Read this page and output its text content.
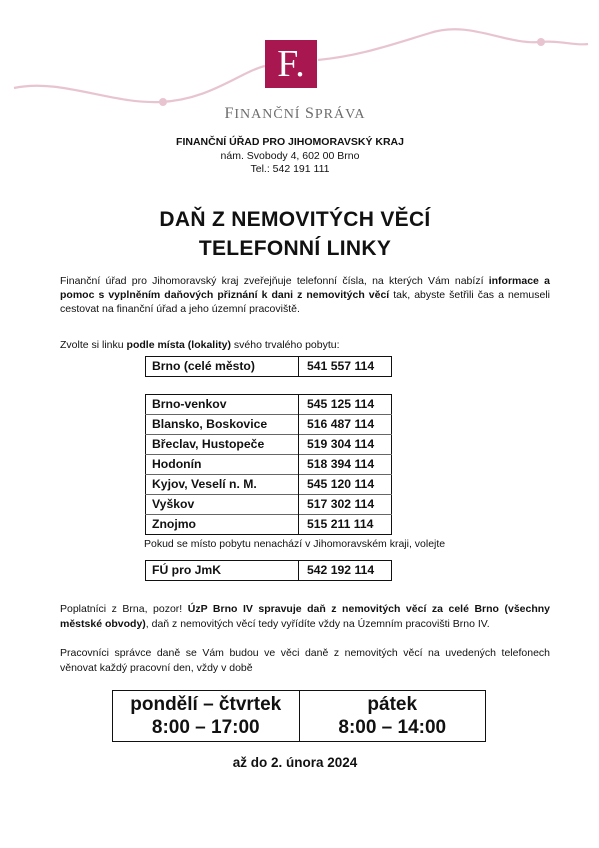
F.
FINANČNÍ SPRÁVA
FINANČNÍ ÚŘAD PRO JIHOMORAVSKÝ KRAJ
nám. Svobody 4, 602 00 Brno
Tel.: 542 191 111
DAŇ Z NEMOVITÝCH VĚCÍ
TELEFONNÍ LINKY
Finanční úřad pro Jihomoravský kraj zveřejňuje telefonní čísla, na kterých Vám nabízí informace a pomoc s vyplněním daňových přiznání k dani z nemovitých věcí tak, abyste šetřili čas a nemuseli cestovat na finanční úřad a jeho územní pracoviště.
Zvolte si linku podle místa (lokality) svého trvalého pobytu:
Brno (celé město)	541 557 114
Brno-venkov	545 125 114
Blansko, Boskovice	516 487 114
Břeclav, Hustopeče	519 304 114
Hodonín	518 394 114
Kyjov, Veselí n. M.	545 120 114
Vyškov	517 302 114
Znojmo	515 211 114
Pokud se místo pobytu nenachází v Jihomoravském kraji, volejte
FÚ pro JmK	542 192 114
Poplatníci z Brna, pozor! ÚzP Brno IV spravuje daň z nemovitých věcí za celé Brno (všechny městské obvody), daň z nemovitých věcí tedy vyřídíte vždy na Územním pracovišti Brno IV.
Pracovníci správce daně se Vám budou ve věci daně z nemovitých věcí na uvedených telefonech věnovat každý pracovní den, vždy v době
pondělí – čtvrtek
8:00 – 17:00
pátek
8:00 – 14:00
až do 2. února 2024
